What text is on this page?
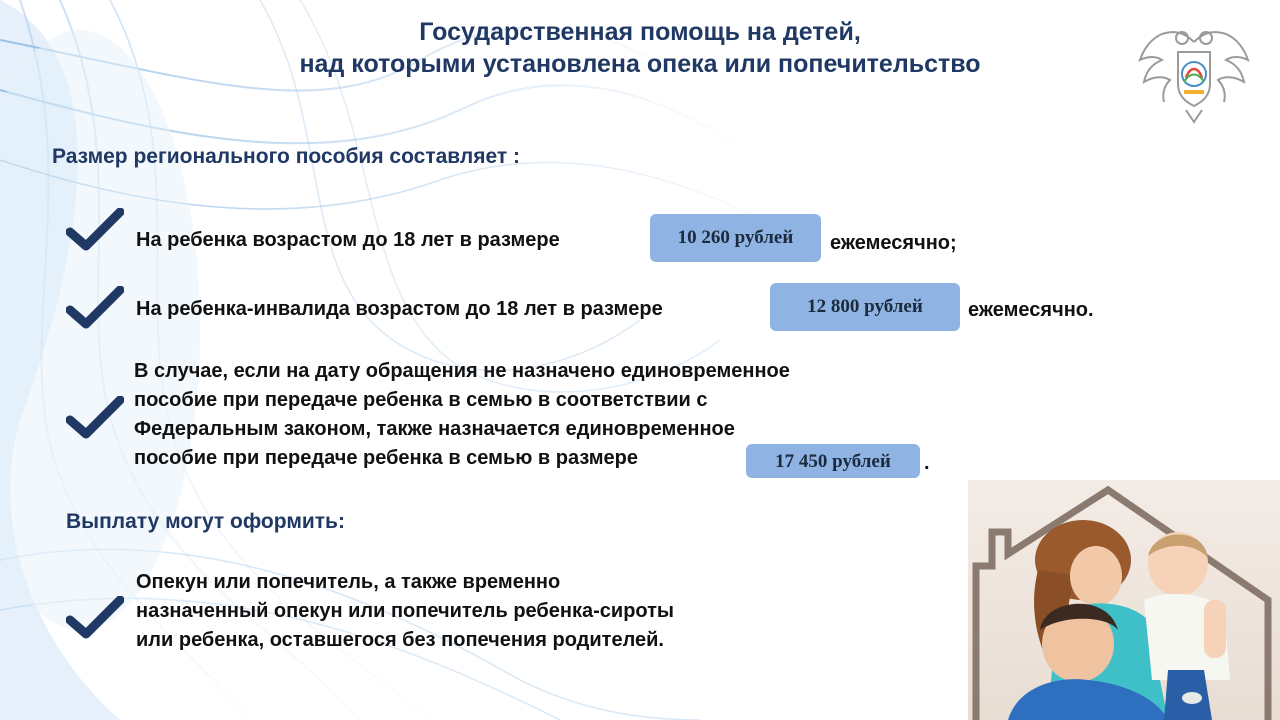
Государственная помощь на детей,
над которыми установлена опека или попечительство
Размер регионального пособия составляет :
На ребенка возрастом до 18 лет в размере	10 260 рублей	ежемесячно;
На ребенка-инвалида возрастом до 18 лет в размере	12 800 рублей	ежемесячно.
В случае, если на дату обращения не назначено единовременное
пособие при передаче ребенка в семью в соответствии с
Федеральным законом, также назначается единовременное
пособие при передаче ребенка в семью в размере	17 450 рублей	.
Выплату могут оформить:
Опекун или попечитель, а также временно
назначенный опекун или попечитель ребенка-сироты
или ребенка, оставшегося без попечения родителей.
